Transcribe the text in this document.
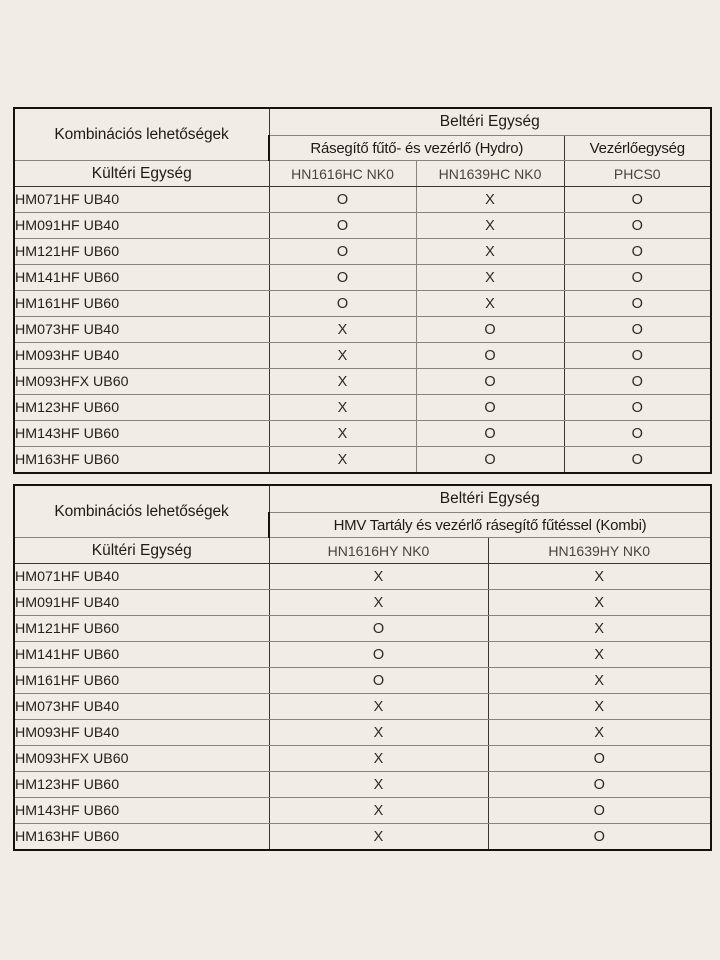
Kombinációs lehetőségek	Beltéri Egység		
	Rásegítő fűtő- és vezérlő (Hydro)		Vezérlőegység
Kültéri Egység	HN1616HC NK0	HN1639HC NK0	PHCS0
HM071HF UB40	O	X	O
HM091HF UB40	O	X	O
HM121HF UB60	O	X	O
HM141HF UB60	O	X	O
HM161HF UB60	O	X	O
HM073HF UB40	X	O	O
HM093HF UB40	X	O	O
HM093HFX UB60	X	O	O
HM123HF UB60	X	O	O
HM143HF UB60	X	O	O
HM163HF UB60	X	O	O
Kombinációs lehetőségek	Beltéri Egység	
	HMV Tartály és vezérlő rásegítő fűtéssel (Kombi)	
Kültéri Egység	HN1616HY NK0	HN1639HY NK0
HM071HF UB40	X	X
HM091HF UB40	X	X
HM121HF UB60	O	X
HM141HF UB60	O	X
HM161HF UB60	O	X
HM073HF UB40	X	X
HM093HF UB40	X	X
HM093HFX UB60	X	O
HM123HF UB60	X	O
HM143HF UB60	X	O
HM163HF UB60	X	O
